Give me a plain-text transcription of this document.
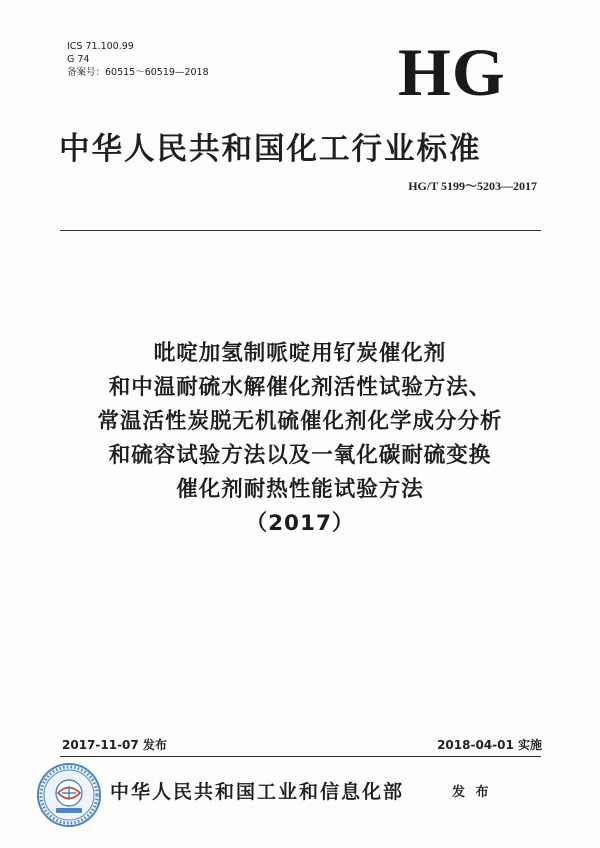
ICS 71.100.99
G 74
备案号：60515～60519—2018	HG
中华人民共和国化工行业标准
HG/T 5199～5203—2017
吡啶加氢制哌啶用钌炭催化剂
和中温耐硫水解催化剂活性试验方法、
常温活性炭脱无机硫催化剂化学成分分析
和硫容试验方法以及一氧化碳耐硫变换
催化剂耐热性能试验方法
（2017）
2017-11-07 发布	2018-04-01 实施
中华人民共和国工业和信息化部	发 布
